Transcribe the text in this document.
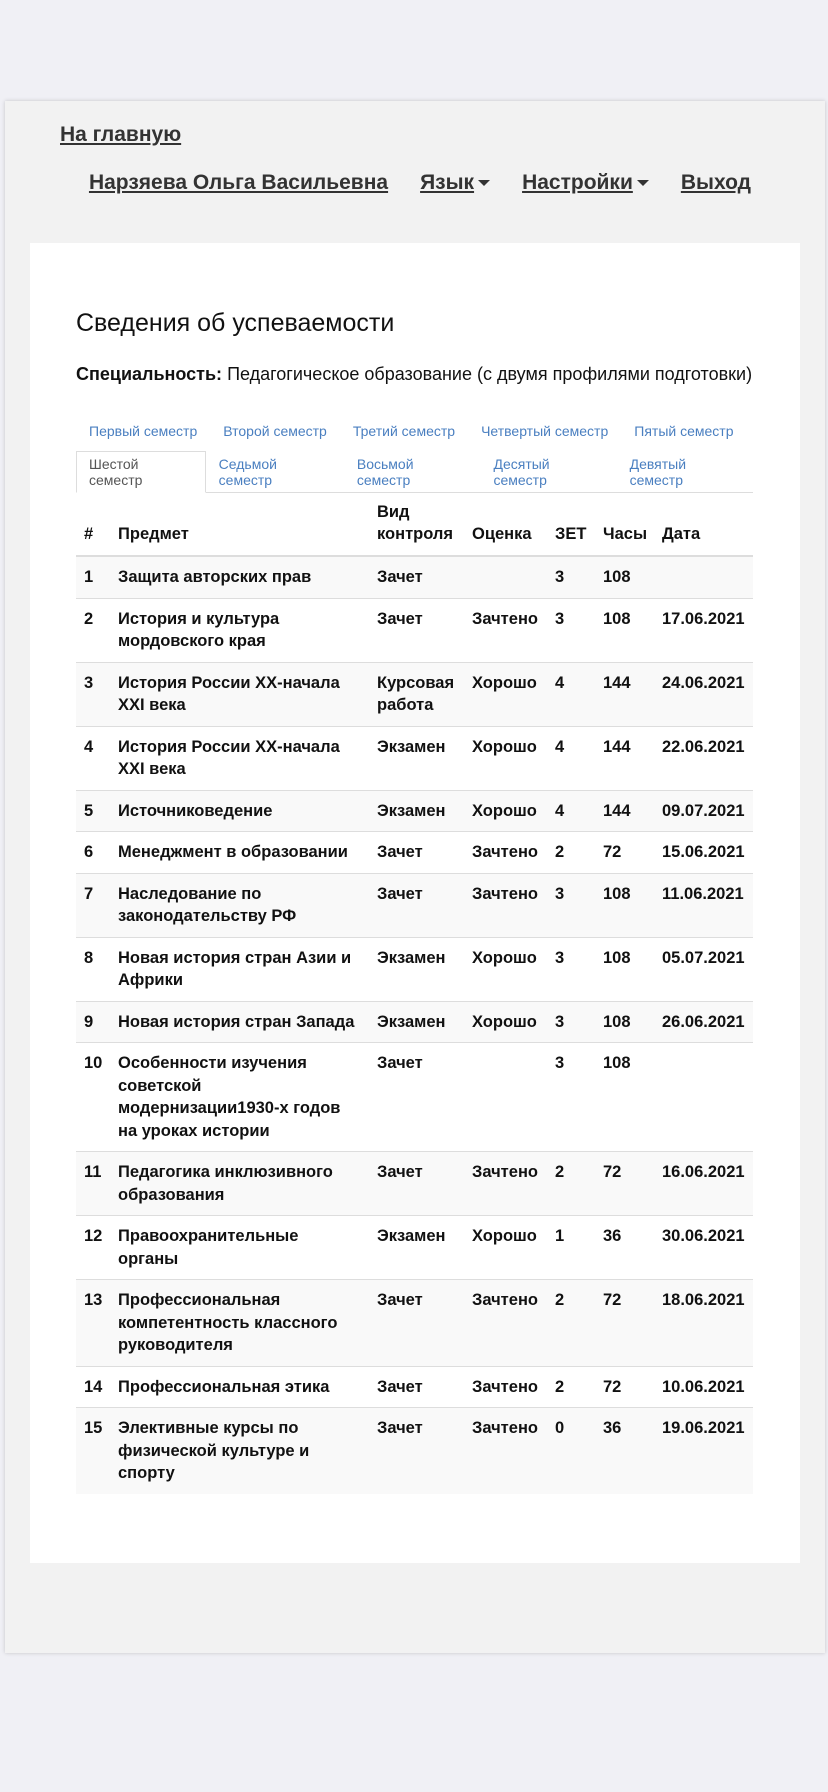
На главную
Нарзяева Ольга Васильевна Язык Настройки Выход
Сведения об успеваемости
Специальность: Педагогическое образование (с двумя профилями подготовки)
Первый семестр	Второй семестр	Третий семестр	Четвертый семестр	Пятый семестр
Шестой семестр
Седьмой семестр
Восьмой семестр
Десятый семестр
Девятый семестр
#	Предмет	Вид контроля	Оценка	ЗЕТ	Часы	Дата
1	Защита авторских прав	Зачет		3	108	
2	История и культура мордовского края	Зачет	Зачтено	3	108	17.06.2021
3	История России XX-начала XXI века	Курсовая работа	Хорошо	4	144	24.06.2021
4	История России XX-начала XXI века	Экзамен	Хорошо	4	144	22.06.2021
5	Источниковедение	Экзамен	Хорошо	4	144	09.07.2021
6	Менеджмент в образовании	Зачет	Зачтено	2	72	15.06.2021
7	Наследование по законодательству РФ	Зачет	Зачтено	3	108	11.06.2021
8	Новая история стран Азии и Африки	Экзамен	Хорошо	3	108	05.07.2021
9	Новая история стран Запада	Экзамен	Хорошо	3	108	26.06.2021
10	Особенности изучения советской модернизации1930-х годов на уроках истории	Зачет		3	108	
11	Педагогика инклюзивного образования	Зачет	Зачтено	2	72	16.06.2021
12	Правоохранительные органы	Экзамен	Хорошо	1	36	30.06.2021
13	Профессиональная компетентность классного руководителя	Зачет	Зачтено	2	72	18.06.2021
14	Профессиональная этика	Зачет	Зачтено	2	72	10.06.2021
15	Элективные курсы по физической культуре и спорту	Зачет	Зачтено	0	36	19.06.2021
